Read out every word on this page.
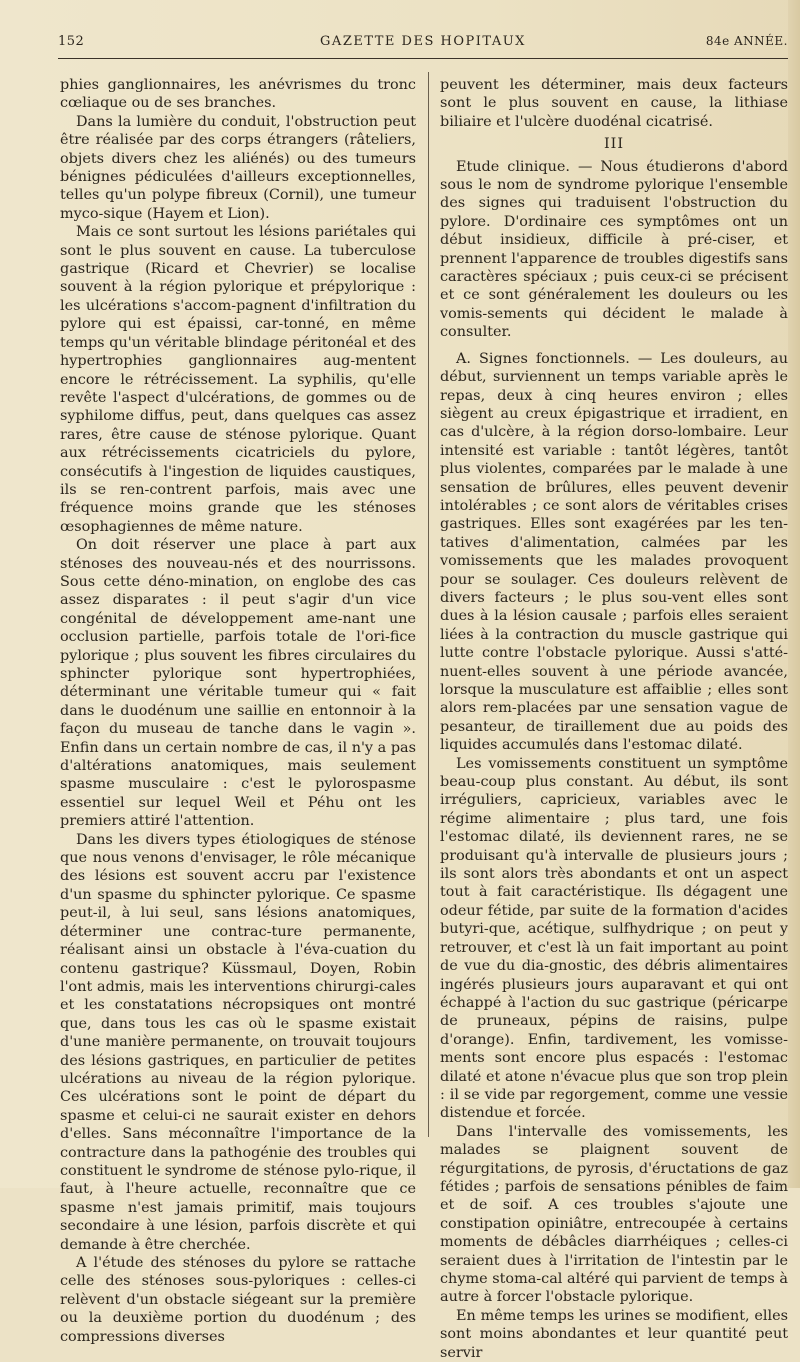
152	GAZETTE DES HOPITAUX	84e ANNÉE.

phies ganglionnaires, les anévrismes du tronc cœliaque ou de ses branches.

Dans la lumière du conduit, l'obstruction peut être réalisée par des corps étrangers (râteliers, objets divers chez les aliénés) ou des tumeurs bénignes pédiculées d'ailleurs exceptionnelles, telles qu'un polype fibreux (Cornil), une tumeur myco-sique (Hayem et Lion).

Mais ce sont surtout les lésions pariétales qui sont le plus souvent en cause. La tuberculose gastrique (Ricard et Chevrier) se localise souvent à la région pylorique et prépylorique : les ulcérations s'accom-pagnent d'infiltration du pylore qui est épaissi, car-tonné, en même temps qu'un véritable blindage péritonéal et des hypertrophies ganglionnaires aug-mentent encore le rétrécissement. La syphilis, qu'elle revête l'aspect d'ulcérations, de gommes ou de syphilome diffus, peut, dans quelques cas assez rares, être cause de sténose pylorique. Quant aux rétrécissements cicatriciels du pylore, consécutifs à l'ingestion de liquides caustiques, ils se ren-contrent parfois, mais avec une fréquence moins grande que les sténoses œsophagiennes de même nature.

On doit réserver une place à part aux sténoses des nouveau-nés et des nourrissons. Sous cette déno-mination, on englobe des cas assez disparates : il peut s'agir d'un vice congénital de développement ame-nant une occlusion partielle, parfois totale de l'ori-fice pylorique ; plus souvent les fibres circulaires du sphincter pylorique sont hypertrophiées, déterminant une véritable tumeur qui « fait dans le duodénum une saillie en entonnoir à la façon du museau de tanche dans le vagin ». Enfin dans un certain nombre de cas, il n'y a pas d'altérations anatomiques, mais seulement spasme musculaire : c'est le pylorospasme essentiel sur lequel Weil et Péhu ont les premiers attiré l'attention.

Dans les divers types étiologiques de sténose que nous venons d'envisager, le rôle mécanique des lésions est souvent accru par l'existence d'un spasme du sphincter pylorique. Ce spasme peut-il, à lui seul, sans lésions anatomiques, déterminer une contrac-ture permanente, réalisant ainsi un obstacle à l'éva-cuation du contenu gastrique? Küssmaul, Doyen, Robin l'ont admis, mais les interventions chirurgi-cales et les constatations nécropsiques ont montré que, dans tous les cas où le spasme existait d'une manière permanente, on trouvait toujours des lésions gastriques, en particulier de petites ulcérations au niveau de la région pylorique. Ces ulcérations sont le point de départ du spasme et celui-ci ne saurait exister en dehors d'elles. Sans méconnaître l'importance de la contracture dans la pathogénie des troubles qui constituent le syndrome de sténose pylo-rique, il faut, à l'heure actuelle, reconnaître que ce spasme n'est jamais primitif, mais toujours secondaire à une lésion, parfois discrète et qui demande à être cherchée.

A l'étude des sténoses du pylore se rattache celle des sténoses sous-pyloriques : celles-ci relèvent d'un obstacle siégeant sur la première ou la deuxième portion du duodénum ; des compressions diverses

peuvent les déterminer, mais deux facteurs sont le plus souvent en cause, la lithiase biliaire et l'ulcère duodénal cicatrisé.

III

Etude clinique. — Nous étudierons d'abord sous le nom de syndrome pylorique l'ensemble des signes qui traduisent l'obstruction du pylore. D'ordinaire ces symptômes ont un début insidieux, difficile à pré-ciser, et prennent l'apparence de troubles digestifs sans caractères spéciaux ; puis ceux-ci se précisent et ce sont généralement les douleurs ou les vomis-sements qui décident le malade à consulter.

A. Signes fonctionnels. — Les douleurs, au début, surviennent un temps variable après le repas, deux à cinq heures environ ; elles siègent au creux épigastrique et irradient, en cas d'ulcère, à la région dorso-lombaire. Leur intensité est variable : tantôt légères, tantôt plus violentes, comparées par le malade à une sensation de brûlures, elles peuvent devenir intolérables ; ce sont alors de véritables crises gastriques. Elles sont exagérées par les ten-tatives d'alimentation, calmées par les vomissements que les malades provoquent pour se soulager. Ces douleurs relèvent de divers facteurs ; le plus sou-vent elles sont dues à la lésion causale ; parfois elles seraient liées à la contraction du muscle gastrique qui lutte contre l'obstacle pylorique. Aussi s'atté-nuent-elles souvent à une période avancée, lorsque la musculature est affaiblie ; elles sont alors rem-placées par une sensation vague de pesanteur, de tiraillement due au poids des liquides accumulés dans l'estomac dilaté.

Les vomissements constituent un symptôme beau-coup plus constant. Au début, ils sont irréguliers, capricieux, variables avec le régime alimentaire ; plus tard, une fois l'estomac dilaté, ils deviennent rares, ne se produisant qu'à intervalle de plusieurs jours ; ils sont alors très abondants et ont un aspect tout à fait caractéristique. Ils dégagent une odeur fétide, par suite de la formation d'acides butyri-que, acétique, sulfhydrique ; on peut y retrouver, et c'est là un fait important au point de vue du dia-gnostic, des débris alimentaires ingérés plusieurs jours auparavant et qui ont échappé à l'action du suc gastrique (péricarpe de pruneaux, pépins de raisins, pulpe d'orange). Enfin, tardivement, les vomisse-ments sont encore plus espacés : l'estomac dilaté et atone n'évacue plus que son trop plein : il se vide par regorgement, comme une vessie distendue et forcée.

Dans l'intervalle des vomissements, les malades se plaignent souvent de régurgitations, de pyrosis, d'éructations de gaz fétides ; parfois de sensations pénibles de faim et de soif. A ces troubles s'ajoute une constipation opiniâtre, entrecoupée à certains moments de débâcles diarrhéiques ; celles-ci seraient dues à l'irritation de l'intestin par le chyme stoma-cal altéré qui parvient de temps à autre à forcer l'obstacle pylorique.

En même temps les urines se modifient, elles sont moins abondantes et leur quantité peut servir
